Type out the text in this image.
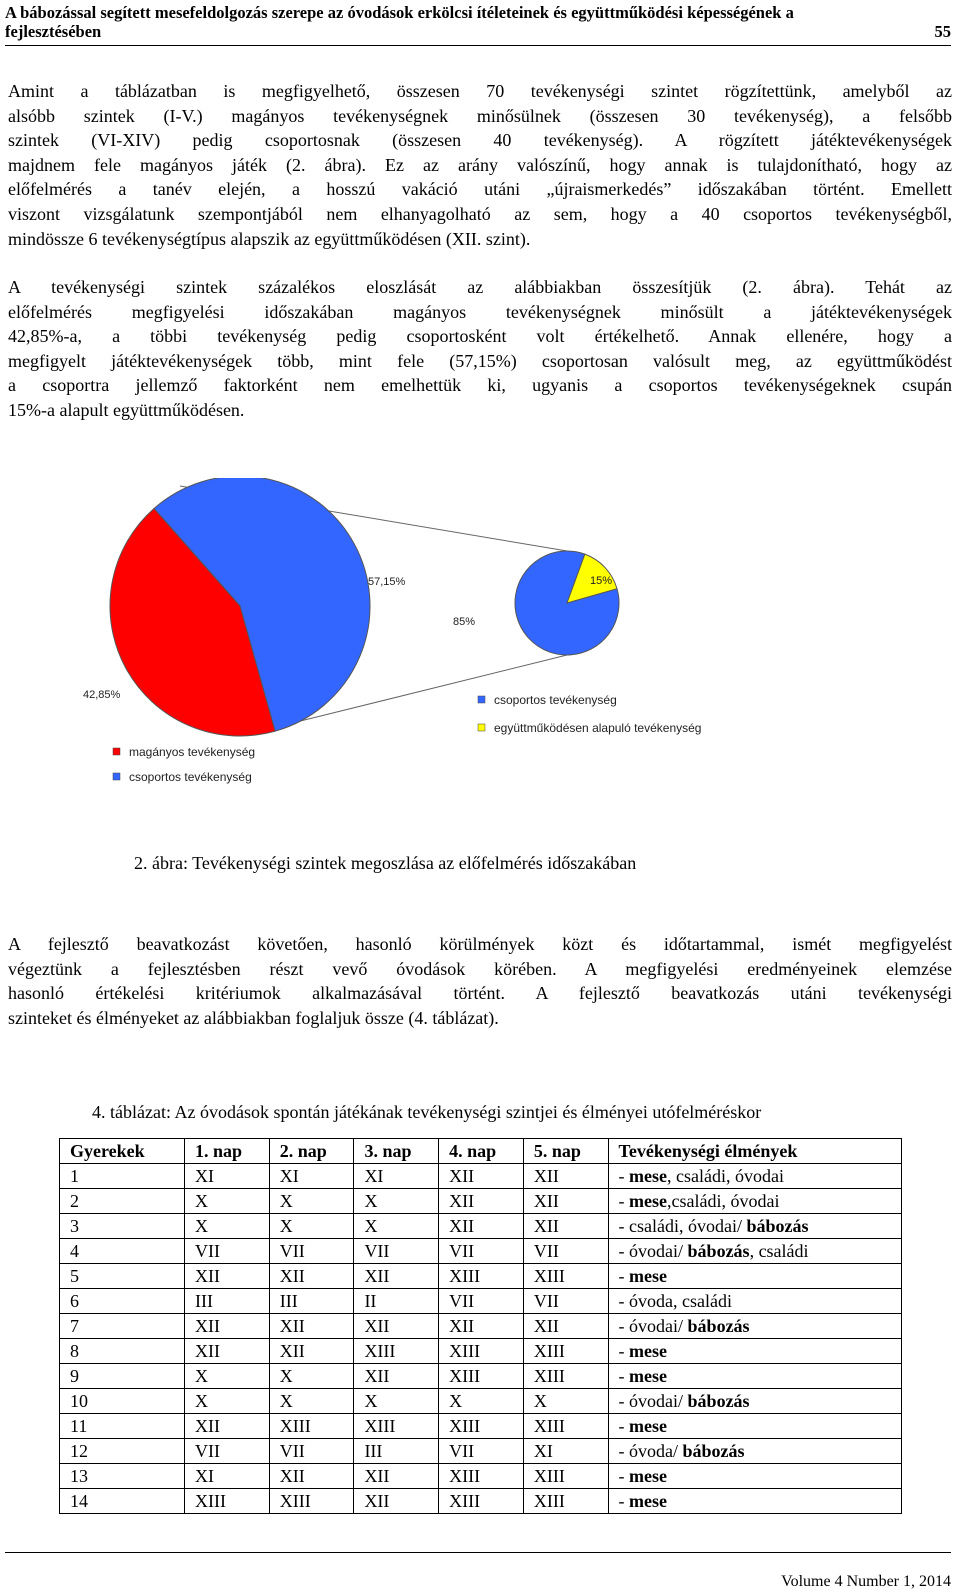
A bábozással segített mesefeldolgozás szerepe az óvodások erkölcsi ítéleteinek és együttműködési képességének a
fejlesztésében	55
Amint a táblázatban is megfigyelhető, összesen 70 tevékenységi szintet rögzítettünk, amelyből az
alsóbb szintek (I-V.) magányos tevékenységnek minősülnek (összesen 30 tevékenység), a felsőbb
szintek (VI-XIV) pedig csoportosnak (összesen 40 tevékenység). A rögzített játéktevékenységek
majdnem fele magányos játék (2. ábra). Ez az arány valószínű, hogy annak is tulajdonítható, hogy az
előfelmérés a tanév elején, a hosszú vakáció utáni „újraismerkedés” időszakában történt. Emellett
viszont vizsgálatunk szempontjából nem elhanyagolható az sem, hogy a 40 csoportos tevékenységből,
mindössze 6 tevékenységtípus alapszik az együttműködésen (XII. szint).
A tevékenységi szintek százalékos eloszlását az alábbiakban összesítjük (2. ábra). Tehát az
előfelmérés megfigyelési időszakában magányos tevékenységnek minősült a játéktevékenységek
42,85%-a, a többi tevékenység pedig csoportosként volt értékelhető. Annak ellenére, hogy a
megfigyelt játéktevékenységek több, mint fele (57,15%) csoportosan valósult meg, az együttműködést
a csoportra jellemző faktorként nem emelhettük ki, ugyanis a csoportos tevékenységeknek csupán
15%-a alapult együttműködésen.
57,15%
42,85%
15%
85%
magányos tevékenység
csoportos tevékenység
csoportos tevékenység
együttműködésen alapuló tevékenység
2. ábra: Tevékenységi szintek megoszlása az előfelmérés időszakában
A fejlesztő beavatkozást követően, hasonló körülmények közt és időtartammal, ismét megfigyelést
végeztünk a fejlesztésben részt vevő óvodások körében. A megfigyelési eredményeinek elemzése
hasonló értékelési kritériumok alkalmazásával történt. A fejlesztő beavatkozás utáni tevékenységi
szinteket és élményeket az alábbiakban foglaljuk össze (4. táblázat).
4. táblázat: Az óvodások spontán játékának tevékenységi szintjei és élményei utófelméréskor
Gyerekek	1. nap	2. nap	3. nap	4. nap	5. nap	Tevékenységi élmények
1	XI	XI	XI	XII	XII	- mese, családi, óvodai
2	X	X	X	XII	XII	- mese,családi, óvodai
3	X	X	X	XII	XII	- családi, óvodai/ bábozás
4	VII	VII	VII	VII	VII	- óvodai/ bábozás, családi
5	XII	XII	XII	XIII	XIII	- mese
6	III	III	II	VII	VII	- óvoda, családi
7	XII	XII	XII	XII	XII	- óvodai/ bábozás
8	XII	XII	XIII	XIII	XIII	- mese
9	X	X	XII	XIII	XIII	- mese
10	X	X	X	X	X	- óvodai/ bábozás
11	XII	XIII	XIII	XIII	XIII	- mese
12	VII	VII	III	VII	XI	- óvoda/ bábozás
13	XI	XII	XII	XIII	XIII	- mese
14	XIII	XIII	XII	XIII	XIII	- mese
Volume 4 Number 1, 2014
